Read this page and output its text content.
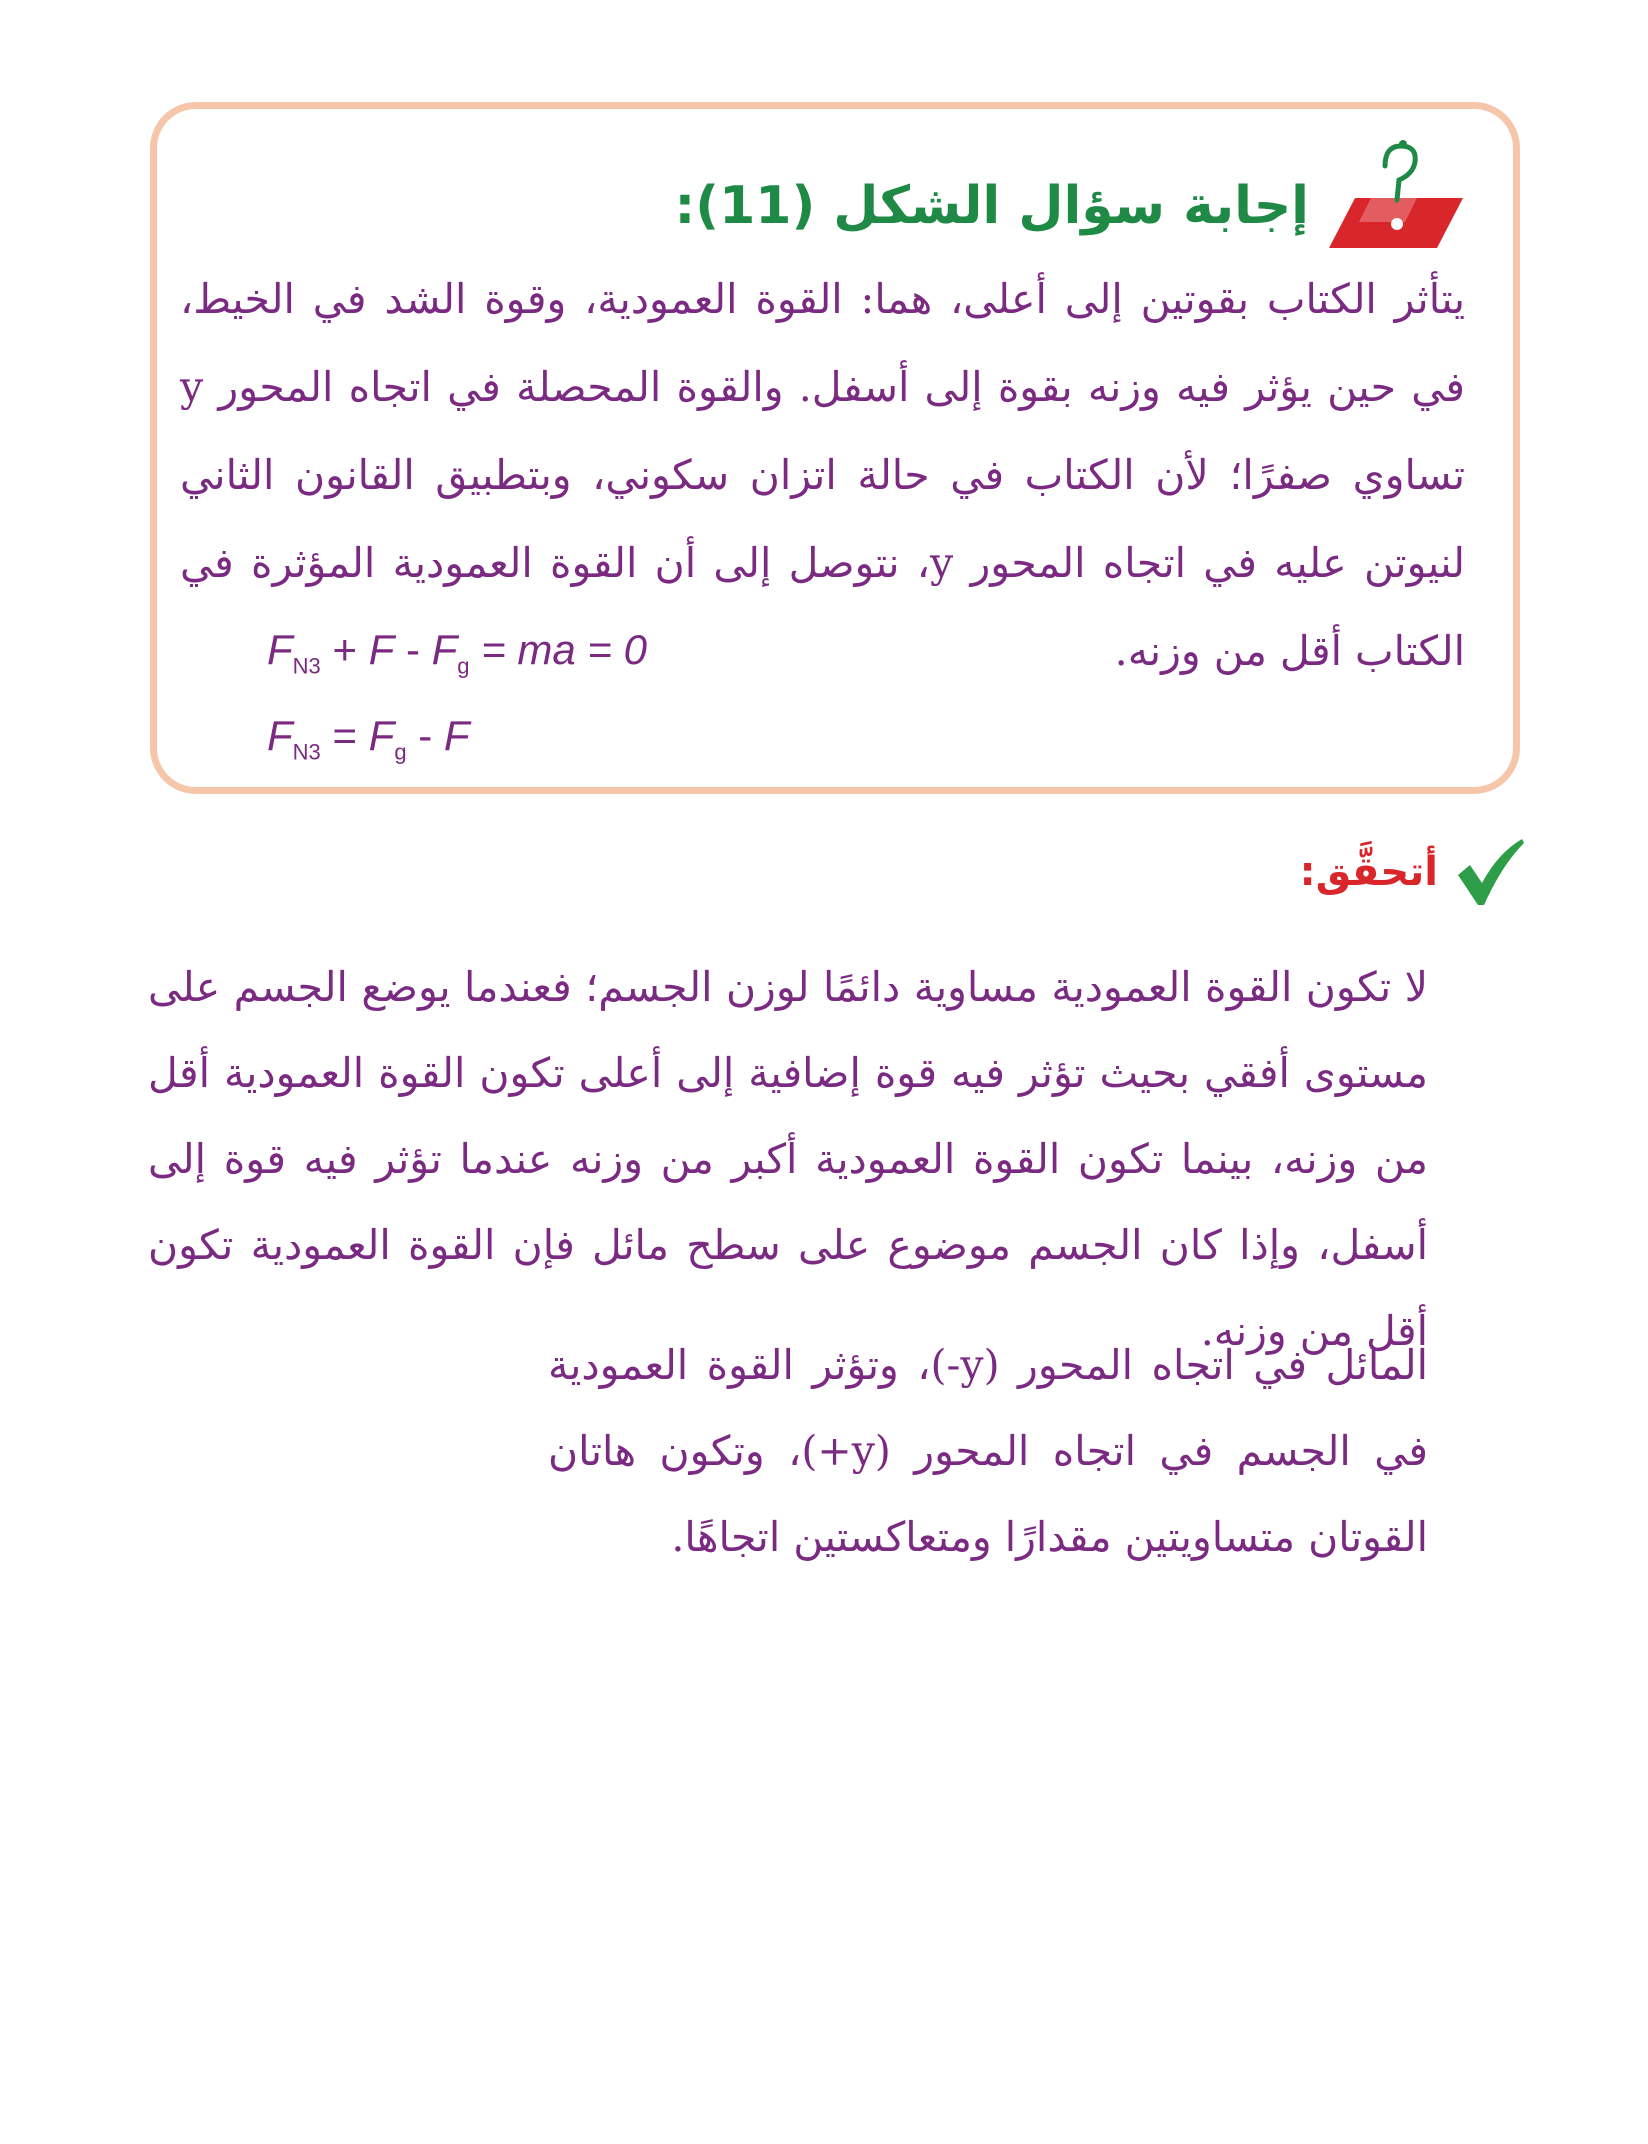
إجابة سؤال الشكل (11):
يتأثر الكتاب بقوتين إلى أعلى، هما: القوة العمودية، وقوة الشد في الخيط، في حين يؤثر فيه وزنه بقوة إلى أسفل. والقوة المحصلة في اتجاه المحور y تساوي صفرًا؛ لأن الكتاب في حالة اتزان سكوني، وبتطبيق القانون الثاني لنيوتن عليه في اتجاه المحور y، نتوصل إلى أن القوة العمودية المؤثرة في الكتاب أقل من وزنه.
$F_{N3} + F - F_g$ = ma = 0
$F_{N3} = F_g - F$
أتحقَّق:
لا تكون القوة العمودية مساوية دائمًا لوزن الجسم؛ فعندما يوضع الجسم على مستوى أفقي بحيث تؤثر فيه قوة إضافية إلى أعلى تكون القوة العمودية أقل من وزنه، بينما تكون القوة العمودية أكبر من وزنه عندما تؤثر فيه قوة إلى أسفل، وإذا كان الجسم موضوع على سطح مائل فإن القوة العمودية تكون أقل من وزنه.
المائل في اتجاه المحور (y-)، وتؤثر القوة العمودية في الجسم في اتجاه المحور (y+)، وتكون هاتان القوتان متساويتين مقدارًا ومتعاكستين اتجاهًا.
